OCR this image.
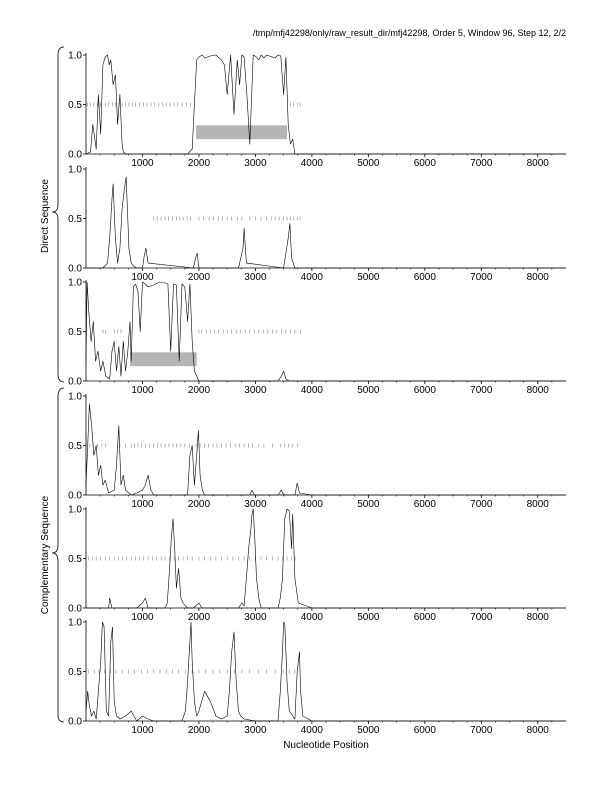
/tmp/mfj42298/only/raw_result_dir/mfj42298, Order 5, Window 96, Step 12, 2/2
Direct Sequence
Complementary Sequence
0.0
0.5
1.0
1000	2000	3000	4000	5000	6000	7000	8000
0.0
0.5
1.0
1000	2000	3000	4000	5000	6000	7000	8000
0.0
0.5
1.0
1000	2000	3000	4000	5000	6000	7000	8000
0.0
0.5
1.0
1000	2000	3000	4000	5000	6000	7000	8000
0.0
0.5
1.0
1000	2000	3000	4000	5000	6000	7000	8000
0.0
0.5
1.0
1000	2000	3000	4000	5000	6000	7000	8000
Nucleotide Position
